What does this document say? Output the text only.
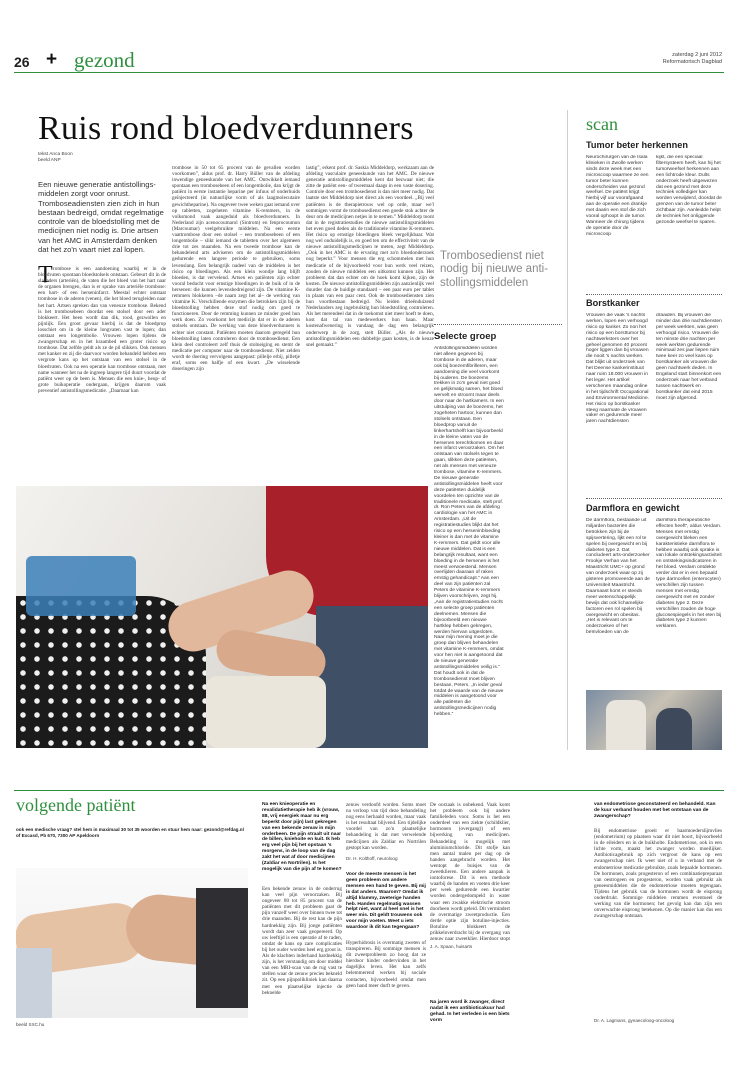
26 + gezond	zaterdag 2 juni 2012
Reformatorisch Dagblad
Ruis rond bloedverdunners
tekst Anca Boon
beeld ANP
Een nieuwe generatie antistollings-middelen zorgt voor onrust. Tromboseadiensten zien zich in hun bestaan bedreigd, omdat regelmatige controle van de bloedstolling met de medicijnen niet nodig is. Drie artsen van het AMC in Amsterdam denken dat het zo'n vaart niet zal lopen.
T rombose is een aandoening waarbij er in de bloedvaten spontaan bloedstolsels ontstaan. Gebeurt dit in de slagaders (arteriën), de vaten die het bloed van het hart naar de organen brengen, dan is er sprake van arteriële trombose: een hart- of een herseninfarct. Meestal echter ontstaat trombose in de aderen (venen), die het bloed terugleiden naar het hart. Artsen spreken dan van veneuze trombose. Bekend is het trombosebeen doordat een stolsel door een ader blokkeert. Het been wordt dan dik, rood, gezwollen en pijnlijk. Een groot gevaar hierbij is dat de bloedprop losschiet om in de kleine longvaten vast te lopen; dan ontstaat een longembolie. Vrouwen lopen tijdens de zwangerschap en in het kraambed een groter risico op trombose. Dat zelfde geldt als ze de pil slikken. Ook mensen met kanker en zij die daarvoor worden behandeld hebben een vergrote kans op het ontstaan van een stolsel in de bloedvaten. Ook na een operatie kan trombose ontstaan, met name wanneer het na de ingreep langere tijd duurt voordat de patiënt weer op de been is. Mensen die een knie-, heup- of grote buikoperatie ondergaan, krijgen daarom vaak preventief antistollingsmedicatie. „Daarnaar kan

trombose in 50 tot 65 procent van de gevallen worden voorkomen”, aldus prof. dr. Harry Büller van de afdeling inwendige geneeskunde van het AMC. Ontwikkelt iemand spontaan een trombosebeen of een longembolie, dan krijgt de patiënt in eerste instantie heparine per infuus of onderhuids geïnjecteerd (in natuurlijke vorm of als laagmolecutaire gewichtheparine). Na ongeveer twee weken gaat iemand over op tabletten, zogeheten vitamine K-remmers, in de volksmond vaak aangeduid als bloedverdunners. In Nederland zijn acenocoumarol (Sintrom) en fenprocoumon (Marcoumar) veelgebruikte middelen. Na een eerste vaattrombose door een stolsel – een trombosebeen of een longembolie – slikt iemand de tabletten over het algemeen drie tot zes maanden. Na een tweede trombose kan de behandelend arts adviseren om de antistollingsmiddelen gedurende een langere periode te gebruiken, soms levenslang. Een belangrijk nadeel van de middelen is het risico op bloedingen. Als een klein wondje lang blijft bloeden, is dat vervelend. Artsen en patiënten zijn echter vooral beducht voor ernstige bloedingen in de buik of in de hersenen: die kunnen levensbedreigend zijn. De vitamine K-remmers blokkeren –de naam zegt het al– de werking van vitamine K. Verschillende enzymen die betrokken zijn bij de bloedstolling hebben deze stof nodig om goed te functioneren. Door de remming kunnen ze minder goed hun werk doen. Zo voorkomt het medicijn dat er in de aderen stolsels ontstaan. De werking van deze bloedverdunners is echter niet constant. Patiënten moeten daarom geregeld hun bloedstolling laten controleren door de trombosedienst. Een klein deel controleert zelf thuis de stolneiging en stemt de medicatie per computer naar de trombosedienst. Niet zelden wordt de doering vervolgens aangepast: pillelje erbij, pilletje eraf, soms een halfje of een kwart. „De wisselende doseringen zijn

lastig”, erkent prof. dr. Saskia Middeldorp, werkzaam aan de afdeling vasculaire geneeskunde van het AMC. De nieuwe generatie antistollingsmiddelen kent dat bezwaar niet; die zitte de patiënt een- of tweemaal daags in een vaste dosering. Controle door een trombosedienst is dan niet meer nodig. Dat laatste stet Middeldorp niet direct als een voordeel. „Bij veel patiënten is de therapietrouw wel op orde, maar we'l sommigen vormt de trombosedienst een goede stok achter de deur om de medicijnen netjes in te nemen.” Middeldorp toont dat in de registratiestudies de nieuwe antistollingsmiddelen het even goed deden als de traditionele vitamine K-remmers. Het risico op ernstige bloedingen bleek vergelijkbaar. Wat nog wel onduidelijk is, en goed ten om de effectiviteit van de nieuwe antistollingsmedicijnen te meten, zegt Middeldorp. „Ook in het AMC is de ervaring met zo'n bloedonderzoek nog beperkt.” Voor mensen die erg schommelen met hun medicatie of de bijvoorbeeld voor hun werk veel reizen, zouden de nieuwe middelen een uitkomst kunnen zijn. Het probleem dat dan echter om de hoek komt kijken, zijn de kosten. De nieuwe antistollingsmiddelen zijn aanzienlijk veel duurder dan de huidige standaard – een paar euro per tablet in plaats van een paar cent. Ook de trombosediensten zien hun voortbestaan bedreigd. Nu leiden drieënduizend Nederlanders zeg ingebruiktig hun bloedstolling controleren. Als het merendeel dat in de toekomst niet meer hoeft te doen, kost dat tal van medewerkers hun baan. Maar kostenafwenering is vandaag de dag een belangrijk onderwerp in de zorg, stelt Büller. „Als de nieuwe antistollingsmiddelen een dubbeltje gaan kosten, is de keuze snel gemaakt.”

Trombosedienst niet nodig bij nieuwe anti-stollingsmiddelen
Selecte groep

Antistollingsmiddelen worden niet alleen gegeven bij trombose in de aderen, maar ook bij boezemfibrilleren, een aandoening die veel voorkomt bij ouderen. De boezems trekken in zo'n geval niet goed en gelijkmatig samen, het bloed wervelt en stroomt maar deels door naar de hartkamers. In een uitstulping van de boezems, het zogeheten hartoor, kunnen dan stolsels ontstaan. Een bloedprop vanuit de linkerhartshelft kan bijvoorbeeld in de kleine vaten van de hersenen terechtkomen en daar een infarct veroorzaken. Om het ontstaan van stolsels tegen te gaan, slikken deze patiënten, net als mensen met veneuze trombose, vitamine K-remmers. De nieuwe generatie antistollingsmiddelen heeft voor deze patiënten duidelijk voordelen ten opzichte van de traditionele medicatie, stelt prof. dr. Ron Peters van de afdeling cardiologie van het AMC in Amsterdam. „Uit de registratiestudies blijkt dat het risico op een herseninbloeding kleiner is dan met de vitamine K-remmers. Dat geldt voor alle nieuwe middelen. Dat is een belangrijk resultaat, want een bloeding in de hersenen is het meest verwoestend. Mensen overlijden daaraan of raken ernstig gehandicapt.” Aan een deel van zijn patiënten zal Peters de vitamine K-remmers blijven voorschrijven, zegt hij. „Aan de registratiestudies nocht een selecte groep patiënten deelnemen. Mensen die bijvoorbeeld een nieuwe hartklep hebben gekregen, werden hiervan uitgesloten. Naar mijn mening moet je die groep dan blijven behandelen met vitamine K-remmers, omdat voor hen niet is aangetoond dat de nieuwe generatie antistollingsmiddelen veilig is.” Dat houdt ook in dat de trombosedienst moet blijven bestaan, Peters. „In ieder geval totdat de waarde van de nieuwe middelen is aangetoond voor alle patiënten die antistollingsmedicijnen nodig hebben.”

scan
Tumor beter herkennen

Neurochirurgen van de Isala klinieken in Zwolle werken sinds deze week met een microscoop waarmee ze een tumor beter kunnen onderscheiden van gezond weefsel. De patiënt krijgt hierbij vijf uur voorafgaand aan de operatie een drankje met daarin een stof die zich vooral ophoopt in de tumor. Wanneer de chirurg tijdens de operatie door de microscoop

kijkt, die een speciaal filtersysteem heeft, kan hij het tumorweefsel herkennen aan een lichtrode kleur. Dults onderzoek heeft uitgewezen dat een gezond met deze techniek volledigier kan worden verwijderd, doordat de grenzen van de tumor beter zichtbaar zijn. Aanleidde helpt de techniek het onliggende gezonde weefsel te sparen.

Borstkanker

Vrouwen die vaak 's nachts werken, lopen een verhoogd risico op kanker. Zo non het risico op een borsttumor bij nachtwerksters over het geheel genomen 40 procent hoger liggen dan bij vrouwen die nooit 's nachts werken. Dat blijkt uit onderzoek van het Deense kankerinstituut naar ruim 18.000 vrouwen in het leger. Het artikel verschenen maandag online in het tijdschrift Occupational and Environmental Medicine. Het risico op borstkanker steeg naarmate de vrouwen vaker en gedurende meer jaren nachtdiensten

draaiden. Bij vrouwen die minder dan drie nachtdiensten per week werkten, was geen verhoogd risico. Vrouwen die ten minste drie nachten per week werkten gedurende minimaal zes jaar liepen ruim twee keer zo veel kans op borstkanker als vrouwen die geen nachtwerk deden. In Engeland start binnenkort een onderzoek naar het verband tussen nachtwerk en borstkanker dat eind 2015 moet zijn afgerond.

Darmflora en gewicht

De darmflora, bestaande uit miljarden bacteriën die betrokken zijn bij de spijsvertering, lijkt een rol te spelen bij overgewicht en bij diabetes type 2. Dat concludeert arts-onderzoeker Frookje Verhan van het Maastricht UMC+ op grond van onderzoek waar op zij gisteren promoveerde aan de Universiteit Maastricht. Daarnaast komt er steeds meer wetenschappelijk bewijs dat ook lichamelijke factoren een rol spelen bij overgewicht en obesitas. „Het is relevant om te onderzoeken of het beïnvloeden van de

darmflora therapeutische effecten heeft”, aldus Verdam. Mensen met ernstig overgewicht bleken een karakteristieke darmflora te hebben waarbij ook sprake is van lokale ontstekingsactiviteit en ontstekingsindicatoren in het bloed. Verdam ontdekte verder dat er in een bepaald type darmcellen (enterocyten) verschillen zijn tussen mensen met ernstig overgewicht met en zonder diabetes type 2. Deze verschillen zouden de hoge glucosespiegels in het eten bij diabetes type 2 kunnen verklaren.

volgende patiënt
ook een medische vraag? stel hem in maximaal 30 tot 35 woorden en stuur hem naar: gezond@refdag.nl of Excasd, Pb 670, 7300 AP Apeldoorn
beeld SXC.hu
Na een knieoperatie en revalidatietherapie heb ik (vrouw, 88, vrij energiek maar nu erg beperkt door pijn) last gekregen van een bekende zenuw in mijn onderbeen. De pijn straalt uit naar de billen, kniehoite en kuit. Ik heb erg veel pijn bij het opstaan 's morgens, in de loop van de dag zakt het wat af door medicijnen (Zaldiar en Nortrilen). Is het mogelijk van die pijn af te komen?

Een bekende zenuw in de onderrug kan veel pijn veroorzaken. Bij ongeveer 80 tot 85 procent van de patiënten met dit probleem gaat de pijn vanzelf weer over binnen twee tot drie maanden. Bij de rest kan de pijn hardnekkig zijn. Bij jonge patiënten wordt dan zeer vaak geopereerd. Op uw leeftijd is een operatie af te raden, omdat de kans op zare complicaties bij het ouder worden heel erg groot is. Als de klachten inderhand hardnekkig zijn, is het verstandig om door middel van een MRI-scan van de rug vast te stellen waar de zenuw precies bekneld zit. Op een pijnpolikliniek kan daarna met een plaatselijke injectie de beknelde

zenuw verdoofd worden. Soms moet na verloop van tijd deze behandeling nog eens herhaald worden, maar vaak is het resultaat blijvend. Een tijdelijke voordel van zo'n plaatselijke behandeling is dat met verwelende medicijnen als Zaldiar en Nortrilen gestopt kan worden.

Dr. H. Kolthoff, neuroloog
Voor de meeste mensen is het geen probleem om andere mensen een hand te geven. Bij mij is dat anders. Waarom? Omdat ik altijd klammy, zweterige handen heb. Handen regelmatig wassen helpt niet, want al heel snel is het weer mis. Dit geldt trouwens ook voor mijn voeten. Weet u iets waardoor ik dit kan tegengaan?

Hyperhidrosis is overmatig zweten of transpireren. Bij sommige mensen is dit zweetprobleem zo hoog dat ze hierdoor hinder ondervinden in het dagelijks leven. Het kan zelfs belemmerend werken bij sociale contacten, bijvoorbeeld omdat men geen hand meer durft te geven.

De oorzaak is onbekend. Vaak komt het probleem ook bij andere familieleden voor. Soms is het een onderdeel van een ziekte (schildklier, hormonen (overgang)) of een bijwerking van medicijnen. Behandeling is mogelijk met aluminiumchloride. Dit stofje kan men aantal malen per dag op de handen aangebracht worden. Het wentopt de buisjes van de zweetklieren. Een andere aanpak is iontoforese. Dit is een methode waarbij de handen en voeten drie keer per week gedurende een kwartier worden ondergedompeld in water waar een zwakke elektrische stroom doorheen wordt geleid. Dit vermindert de overmatige zweetproductie. Een derde optie zijn botuline-injecties. Botuline blokkeert de prikkeloverdracht bij de overgang van zenuw naar zweetklier. Hierdoor stopt

J. A. Spaan, huisarts
Na jaren word ik zwanger, direct nadat ik een antibioticakuur had gehad. In het verleden is een biets vorm
van endometriose geconstateerd en behandeld. Kan de kuur verband houden met het ontstaan van de zwangerschap?

Bij endometriose groeit er baarmoederslijmvlies (endometrium) op plaatsen waar dit niet hoort, bijvoorbeeld in de eileiders en in de buikholte. Endometriose, ook in een lichte vorm, maakt het zwanger worden moeilijker. Antibioticagebruik op zich vergroot de kans op een zwangerschap niet. Ik weet niet of u in verband met de endometriose medicatie gebruikte, zoals bepaalde hormonen. De hormonen, zoals progesteron of een combinatiepreparaat van oestrogeen en progesteron, worden vaak gebruikt als geneesmiddelen die de endometriose moeten tegengaan. Tijdens het gebruik van de hormonen wordt de eisprong onderdrukt. Sommige middelen remmen eventueel de werking van die hormonen; het gevolg kan dan zijn een onverwachte eisprong betekenen. Op die manier kan dus een zwangerschap ontstaan.

Dr. A. Lagmans, gynaecoloog-oncoloog
